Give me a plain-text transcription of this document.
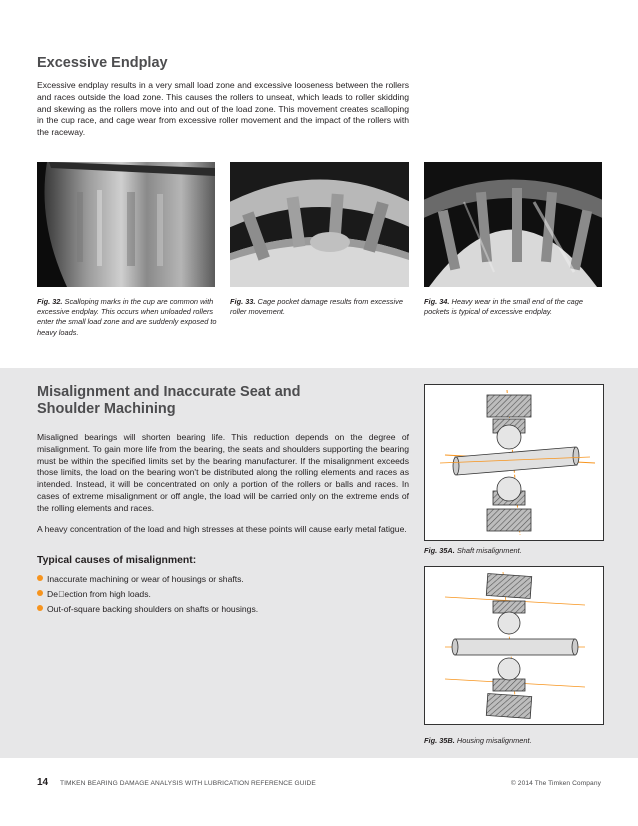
Excessive Endplay
Excessive endplay results in a very small load zone and excessive looseness between the rollers and races outside the load zone. This causes the rollers to unseat, which leads to roller skidding and skewing as the rollers move into and out of the load zone. This movement creates scalloping in the cup race, and cage wear from excessive roller movement and the impact of the rollers with the raceway.
Fig. 32. Scalloping marks in the cup are common with excessive endplay. This occurs when unloaded rollers enter the small load zone and are suddenly exposed to heavy loads.
Fig. 33. Cage pocket damage results from excessive roller movement.
Fig. 34. Heavy wear in the small end of the cage pockets is typical of excessive endplay.
Misalignment and Inaccurate Seat and
Shoulder Machining
Misaligned bearings will shorten bearing life. This reduction depends on the degree of misalignment. To gain more life from the bearing, the seats and shoulders supporting the bearing must be within the specified limits set by the bearing manufacturer. If the misalignment exceeds those limits, the load on the bearing won't be distributed along the rolling elements and races as intended. Instead, it will be concentrated on only a portion of the rollers or balls and races. In cases of extreme misalignment or off angle, the load will be carried only on the extreme ends of the rolling elements and races.
A heavy concentration of the load and high stresses at these points will cause early metal fatigue.
Typical causes of misalignment:
Inaccurate machining or wear of housings or shafts.
De ection from high loads.
Out-of-square backing shoulders on shafts or housings.
Fig. 35A. Shaft misalignment.
Fig. 35B. Housing misalignment.
14 TIMKEN BEARING DAMAGE ANALYSIS WITH LUBRICATION REFERENCE GUIDE	© 2014 The Timken Company
